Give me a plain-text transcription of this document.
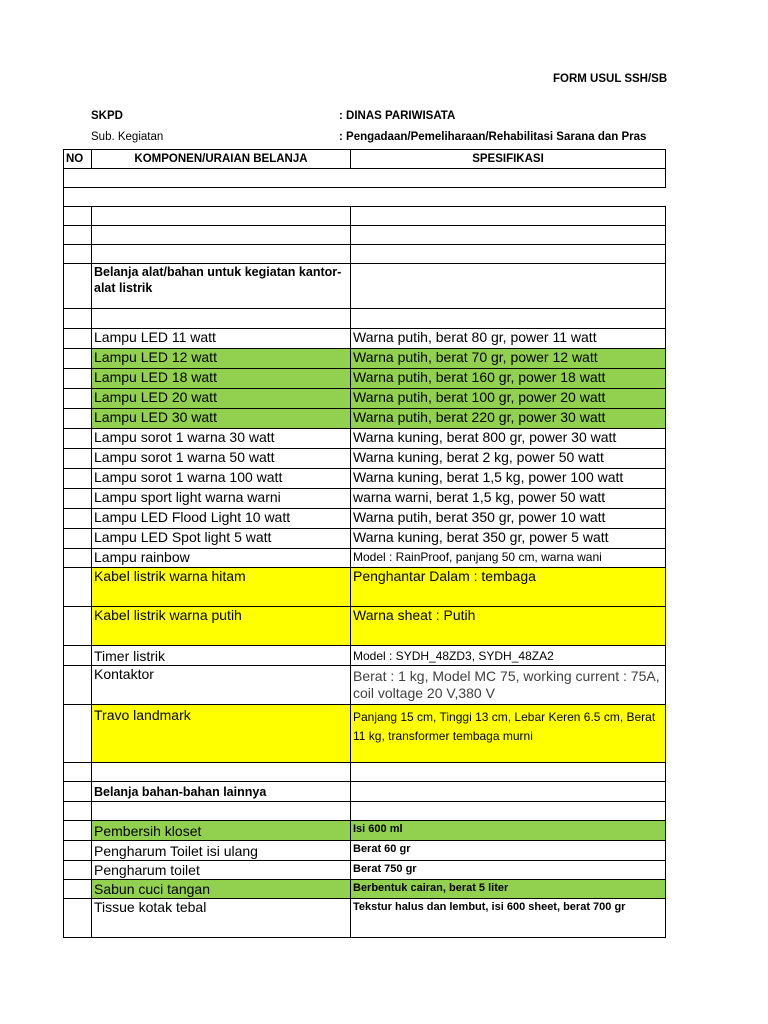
FORM USUL SSH/SB
SKPD	: DINAS PARIWISATA
Sub. Kegiatan	: Pengadaan/Pemeliharaan/Rehabilitasi Sarana dan Pras
NO	KOMPONEN/URAIAN BELANJA	SPESIFIKASI

	Belanja alat/bahan untuk kegiatan kantor-alat listrik	

	Lampu LED 11 watt	Warna putih, berat 80 gr, power 11 watt
	Lampu LED 12 watt	Warna putih, berat 70 gr, power 12 watt
	Lampu LED 18 watt	Warna putih, berat 160 gr, power 18 watt
	Lampu LED 20 watt	Warna putih, berat 100 gr, power 20 watt
	Lampu LED 30 watt	Warna putih, berat 220 gr, power 30 watt
	Lampu sorot 1 warna 30 watt	Warna kuning, berat 800 gr, power 30 watt
	Lampu sorot 1 warna 50 watt	Warna kuning, berat 2 kg, power 50 watt
	Lampu sorot 1 warna 100 watt	Warna kuning, berat 1,5 kg, power 100 watt
	Lampu sport light warna warni	warna warni, berat 1,5 kg, power 50 watt
	Lampu LED Flood Light 10 watt	Warna putih, berat 350 gr, power 10 watt
	Lampu LED Spot light 5 watt	Warna kuning, berat 350 gr, power 5 watt
	Lampu rainbow	Model : RainProof, panjang 50 cm, warna wani
	Kabel listrik warna hitam	Penghantar Dalam : tembaga
	Kabel listrik warna putih	Warna sheat : Putih
	Timer listrik	Model : SYDH_48ZD3, SYDH_48ZA2
	Kontaktor	Berat : 1 kg, Model MC 75, working current : 75A, coil voltage 20 V,380 V
	Travo landmark	Panjang 15 cm, Tinggi 13 cm, Lebar Keren 6.5 cm, Berat 11 kg, transformer tembaga murni

	Belanja bahan-bahan lainnya	

	Pembersih kloset	Isi 600 ml
	Pengharum Toilet isi ulang	Berat 60 gr
	Pengharum toilet	Berat 750 gr
	Sabun cuci tangan	Berbentuk cairan, berat 5 liter
	Tissue kotak tebal	Tekstur halus dan lembut, isi 600 sheet, berat 700 gr
